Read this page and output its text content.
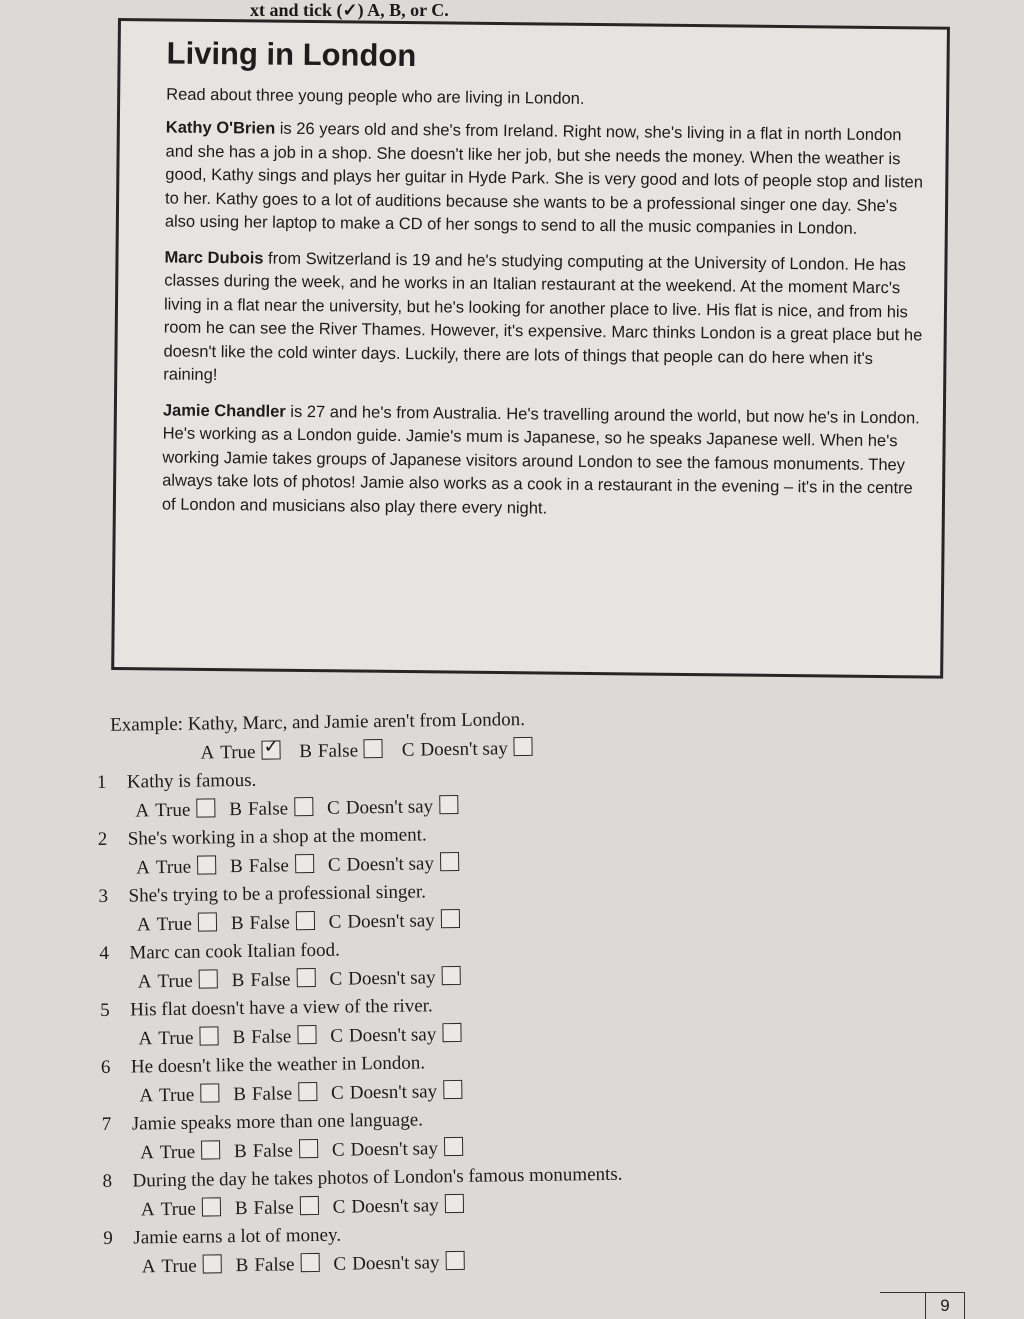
xt and tick (✓) A, B, or C.
Living in London

Read about three young people who are living in London.

Kathy O'Brien is 26 years old and she's from Ireland. Right now, she's living in a flat in north London and she has a job in a shop. She doesn't like her job, but she needs the money. When the weather is good, Kathy sings and plays her guitar in Hyde Park. She is very good and lots of people stop and listen to her. Kathy goes to a lot of auditions because she wants to be a professional singer one day. She's also using her laptop to make a CD of her songs to send to all the music companies in London.

Marc Dubois from Switzerland is 19 and he's studying computing at the University of London. He has classes during the week, and he works in an Italian restaurant at the weekend. At the moment Marc's living in a flat near the university, but he's looking for another place to live. His flat is nice, and from his room he can see the River Thames. However, it's expensive. Marc thinks London is a great place but he doesn't like the cold winter days. Luckily, there are lots of things that people can do here when it's raining!

Jamie Chandler is 27 and he's from Australia. He's travelling around the world, but now he's in London. He's working as a London guide. Jamie's mum is Japanese, so he speaks Japanese well. When he's working Jamie takes groups of Japanese visitors around London to see the famous monuments. They always take lots of photos! Jamie also works as a cook in a restaurant in the evening – it's in the centre of London and musicians also play there every night.

Example: Kathy, Marc, and Jamie aren't from London.
A True ✓ B False C Doesn't say
1 Kathy is famous.
A True B False C Doesn't say
2 She's working in a shop at the moment.
A True B False C Doesn't say
3 She's trying to be a professional singer.
A True B False C Doesn't say
4 Marc can cook Italian food.
A True B False C Doesn't say
5 His flat doesn't have a view of the river.
A True B False C Doesn't say
6 He doesn't like the weather in London.
A True B False C Doesn't say
7 Jamie speaks more than one language.
A True B False C Doesn't say
8 During the day he takes photos of London's famous monuments.
A True B False C Doesn't say
9 Jamie earns a lot of money.
A True B False C Doesn't say
9
